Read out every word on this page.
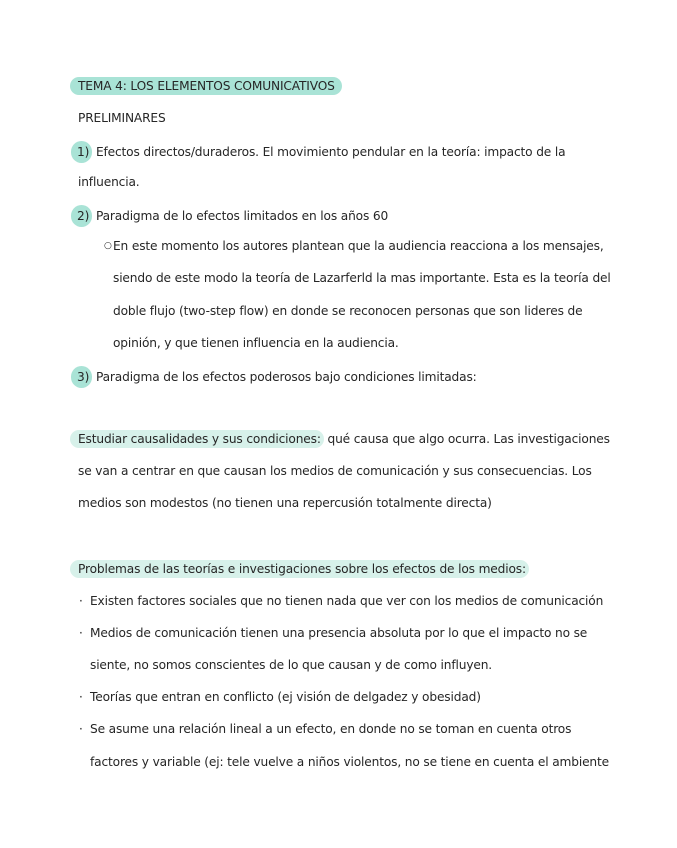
TEMA 4: LOS ELEMENTOS COMUNICATIVOS
PRELIMINARES
1) Efectos directos/duraderos. El movimiento pendular en la teoría: impacto de la
influencia.
2) Paradigma de lo efectos limitados en los años 60
○ En este momento los autores plantean que la audiencia reacciona a los mensajes,
siendo de este modo la teoría de Lazarferld la mas importante. Esta es la teoría del
doble flujo (two-step flow) en donde se reconocen personas que son lideres de
opinión, y que tienen influencia en la audiencia.
3) Paradigma de los efectos poderosos bajo condiciones limitadas:
Estudiar causalidades y sus condiciones: qué causa que algo ocurra. Las investigaciones
se van a centrar en que causan los medios de comunicación y sus consecuencias. Los
medios son modestos (no tienen una repercusión totalmente directa)
Problemas de las teorías e investigaciones sobre los efectos de los medios:
· Existen factores sociales que no tienen nada que ver con los medios de comunicación
· Medios de comunicación tienen una presencia absoluta por lo que el impacto no se
siente, no somos conscientes de lo que causan y de como influyen.
· Teorías que entran en conflicto (ej visión de delgadez y obesidad)
· Se asume una relación lineal a un efecto, en donde no se toman en cuenta otros
factores y variable (ej: tele vuelve a niños violentos, no se tiene en cuenta el ambiente
